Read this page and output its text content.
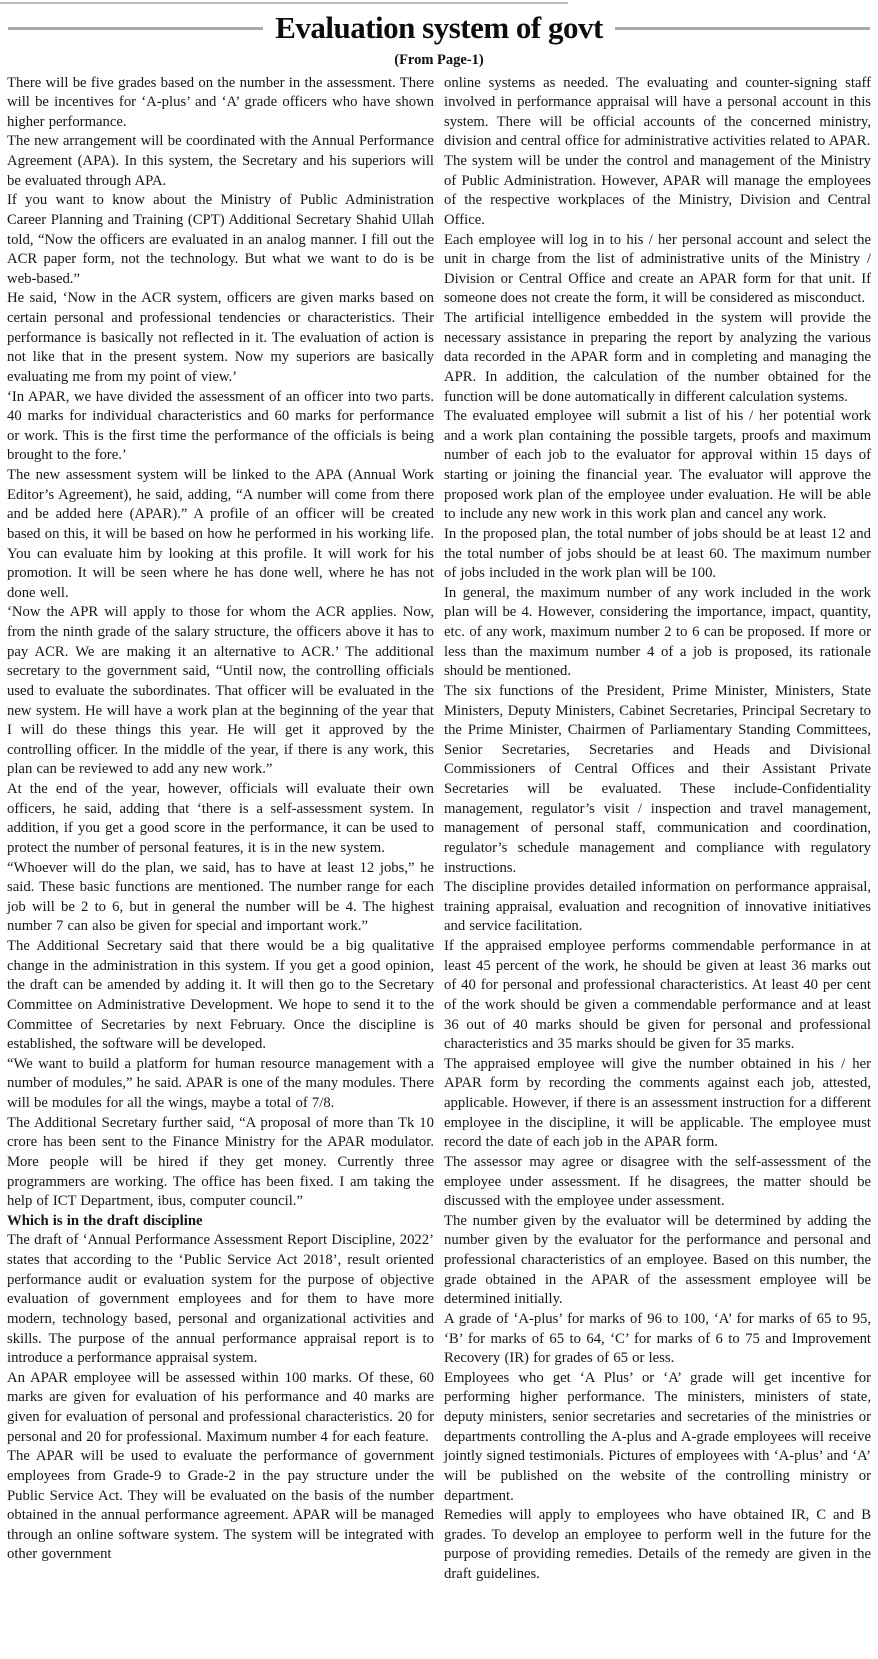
Evaluation system of govt
(From Page-1)

There will be five grades based on the number in the assessment. There will be incentives for ‘A-plus’ and ‘A’ grade officers who have shown higher performance.

The new arrangement will be coordinated with the Annual Performance Agreement (APA). In this system, the Secretary and his superiors will be evaluated through APA.

If you want to know about the Ministry of Public Administration Career Planning and Training (CPT) Additional Secretary Shahid Ullah told, “Now the officers are evaluated in an analog manner. I fill out the ACR paper form, not the technology. But what we want to do is be web-based.”

He said, ‘Now in the ACR system, officers are given marks based on certain personal and professional tendencies or characteristics. Their performance is basically not reflected in it. The evaluation of action is not like that in the present system. Now my superiors are basically evaluating me from my point of view.’

‘In APAR, we have divided the assessment of an officer into two parts. 40 marks for individual characteristics and 60 marks for performance or work. This is the first time the performance of the officials is being brought to the fore.’

The new assessment system will be linked to the APA (Annual Work Editor’s Agreement), he said, adding, “A number will come from there and be added here (APAR).” A profile of an officer will be created based on this, it will be based on how he performed in his working life. You can evaluate him by looking at this profile. It will work for his promotion. It will be seen where he has done well, where he has not done well.

‘Now the APR will apply to those for whom the ACR applies. Now, from the ninth grade of the salary structure, the officers above it has to pay ACR. We are making it an alternative to ACR.’ The additional secretary to the government said, “Until now, the controlling officials used to evaluate the subordinates. That officer will be evaluated in the new system. He will have a work plan at the beginning of the year that I will do these things this year. He will get it approved by the controlling officer. In the middle of the year, if there is any work, this plan can be reviewed to add any new work.”

At the end of the year, however, officials will evaluate their own officers, he said, adding that ‘there is a self-assessment system. In addition, if you get a good score in the performance, it can be used to protect the number of personal features, it is in the new system.

“Whoever will do the plan, we said, has to have at least 12 jobs,” he said. These basic functions are mentioned. The number range for each job will be 2 to 6, but in general the number will be 4. The highest number 7 can also be given for special and important work.”

The Additional Secretary said that there would be a big qualitative change in the administration in this system. If you get a good opinion, the draft can be amended by adding it. It will then go to the Secretary Committee on Administrative Development. We hope to send it to the Committee of Secretaries by next February. Once the discipline is established, the software will be developed.

“We want to build a platform for human resource management with a number of modules,” he said. APAR is one of the many modules. There will be modules for all the wings, maybe a total of 7/8.

The Additional Secretary further said, “A proposal of more than Tk 10 crore has been sent to the Finance Ministry for the APAR modulator. More people will be hired if they get money. Currently three programmers are working. The office has been fixed. I am taking the help of ICT Department, ibus, computer council.”

Which is in the draft discipline

The draft of ‘Annual Performance Assessment Report Discipline, 2022’ states that according to the ‘Public Service Act 2018’, result oriented performance audit or evaluation system for the purpose of objective evaluation of government employees and for them to have more modern, technology based, personal and organizational activities and skills. The purpose of the annual performance appraisal report is to introduce a performance appraisal system.

An APAR employee will be assessed within 100 marks. Of these, 60 marks are given for evaluation of his performance and 40 marks are given for evaluation of personal and professional characteristics. 20 for personal and 20 for professional. Maximum number 4 for each feature.

The APAR will be used to evaluate the performance of government employees from Grade-9 to Grade-2 in the pay structure under the Public Service Act. They will be evaluated on the basis of the number obtained in the annual performance agreement. APAR will be managed through an online software system. The system will be integrated with other government

online systems as needed. The evaluating and counter-signing staff involved in performance appraisal will have a personal account in this system. There will be official accounts of the concerned ministry, division and central office for administrative activities related to APAR.

The system will be under the control and management of the Ministry of Public Administration. However, APAR will manage the employees of the respective workplaces of the Ministry, Division and Central Office.

Each employee will log in to his / her personal account and select the unit in charge from the list of administrative units of the Ministry / Division or Central Office and create an APAR form for that unit. If someone does not create the form, it will be considered as misconduct.

The artificial intelligence embedded in the system will provide the necessary assistance in preparing the report by analyzing the various data recorded in the APAR form and in completing and managing the APR. In addition, the calculation of the number obtained for the function will be done automatically in different calculation systems.

The evaluated employee will submit a list of his / her potential work and a work plan containing the possible targets, proofs and maximum number of each job to the evaluator for approval within 15 days of starting or joining the financial year. The evaluator will approve the proposed work plan of the employee under evaluation. He will be able to include any new work in this work plan and cancel any work.

In the proposed plan, the total number of jobs should be at least 12 and the total number of jobs should be at least 60. The maximum number of jobs included in the work plan will be 100.

In general, the maximum number of any work included in the work plan will be 4. However, considering the importance, impact, quantity, etc. of any work, maximum number 2 to 6 can be proposed. If more or less than the maximum number 4 of a job is proposed, its rationale should be mentioned.

The six functions of the President, Prime Minister, Ministers, State Ministers, Deputy Ministers, Cabinet Secretaries, Principal Secretary to the Prime Minister, Chairmen of Parliamentary Standing Committees, Senior Secretaries, Secretaries and Heads and Divisional Commissioners of Central Offices and their Assistant Private Secretaries will be evaluated. These include-Confidentiality management, regulator’s visit / inspection and travel management, management of personal staff, communication and coordination, regulator’s schedule management and compliance with regulatory instructions.

The discipline provides detailed information on performance appraisal, training appraisal, evaluation and recognition of innovative initiatives and service facilitation.

If the appraised employee performs commendable performance in at least 45 percent of the work, he should be given at least 36 marks out of 40 for personal and professional characteristics. At least 40 per cent of the work should be given a commendable performance and at least 36 out of 40 marks should be given for personal and professional characteristics and 35 marks should be given for 35 marks.

The appraised employee will give the number obtained in his / her APAR form by recording the comments against each job, attested, applicable. However, if there is an assessment instruction for a different employee in the discipline, it will be applicable. The employee must record the date of each job in the APAR form.

The assessor may agree or disagree with the self-assessment of the employee under assessment. If he disagrees, the matter should be discussed with the employee under assessment.

The number given by the evaluator will be determined by adding the number given by the evaluator for the performance and personal and professional characteristics of an employee. Based on this number, the grade obtained in the APAR of the assessment employee will be determined initially.

A grade of ‘A-plus’ for marks of 96 to 100, ‘A’ for marks of 65 to 95, ‘B’ for marks of 65 to 64, ‘C’ for marks of 6 to 75 and Improvement Recovery (IR) for grades of 65 or less.

Employees who get ‘A Plus’ or ‘A’ grade will get incentive for performing higher performance. The ministers, ministers of state, deputy ministers, senior secretaries and secretaries of the ministries or departments controlling the A-plus and A-grade employees will receive jointly signed testimonials. Pictures of employees with ‘A-plus’ and ‘A’ will be published on the website of the controlling ministry or department.

Remedies will apply to employees who have obtained IR, C and B grades. To develop an employee to perform well in the future for the purpose of providing remedies. Details of the remedy are given in the draft guidelines.
